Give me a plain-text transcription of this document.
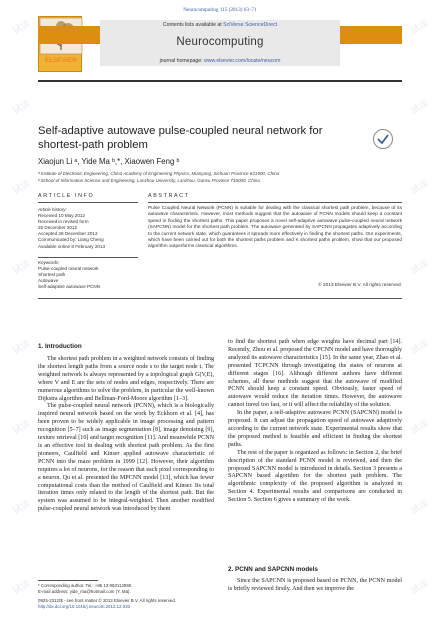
Neurocomputing 115 (2013) 63–71
ELSEVIER
Contents lists available at SciVerse ScienceDirect
Neurocomputing
journal homepage: www.elsevier.com/locate/neucom
Self-adaptive autowave pulse-coupled neural network for
shortest-path problem
Xiaojun Li ᵃ, Yide Ma ᵇ,*, Xiaowen Feng ᵇ
ᵃ Institute of Electronic Engineering, China Academy of Engineering Physics, Mianyang, Sichuan Province 621900, China
ᵇ School of Information Science and Engineering, Lanzhou University, Lanzhou, Gansu Province 730000, China
ARTICLE INFO
Article history:
Received 10 May 2012
Received in revised form
26 December 2012
Accepted 28 December 2012
Communicated by: Liang Cheng
Available online 8 February 2013
Keywords:
Pulse-coupled neural network
Shortest path
Autowave
Self-adaptive autowave PCNN
ABSTRACT
Pulse Coupled Neural Network (PCNN) is suitable for dealing with the classical shortest path problem, because of its autowave characteristic. However, most methods suggest that the autowave of PCNN models should keep a constant speed in finding the shortest paths. This paper proposes a novel self-adaptive autowave pulse-coupled neural network (SAPCNN) model for the shortest path problem. The autowave generated by SAPCNN propagates adaptively according to the current network state, which guarantees it spreads more effectively in finding the shortest paths. Our experiments, which have been carried out for both the shortest paths problem and K shortest paths problem, show that our proposed algorithm outperforms classical algorithms.
© 2013 Elsevier B.V. All rights reserved.
1. Introduction

The shortest path problem in a weighted network consists of finding the shortest length paths from a source node s to the target node t. The weighted network is always represented by a topological graph G(V,E), where V and E are the sets of nodes and edges, respectively. There are numerous algorithms to solve the problem, in particular the well-known Dijkstra algorithm and Bellman-Ford-Moore algorithm [1–3].

The pulse-coupled neural network (PCNN), which is a biologically inspired neural network based on the work by Eckhorn et al. [4], has been proven to be widely applicable in image processing and pattern recognition [5–7] such as image segmentation [8], image denoising [9], texture retrieval [10] and target recognition [11]. And meanwhile PCNN is an effective tool in dealing with shortest path problem. As the first pioneers, Caulfield and Kinser applied autowave characteristic of PCNN into the maze problem in 1999 [12]. However, their algorithm requires a lot of neurons, for the reason that each pixel corresponding to a neuron. Qu et al. presented the MPCNN model [13], which has fewer computational costs than the method of Caulfield and Kinser. Its total iteration times only related to the length of the shortest path. But the system was assumed to be integral-weighted. Then another modified pulse-coupled neural network was introduced by them

* Corresponding author. Tel.: +86 13 993112990.
E-mail address: yide_ma@hotmail.com (Y. Ma).
0925-2312/$ - see front matter © 2013 Elsevier B.V. All rights reserved.
http://dx.doi.org/10.1016/j.neucom.2012.12.030

to find the shortest path when edge weights have decimal part [14]. Recently, Zhou et al. proposed the CPCNN model and have thoroughly analyzed its autowave characteristics [15]. In the same year, Zhao et al. presented TCPCNN through investigating the states of neurons at different stages [16]. Although different authors have different schemes, all these methods suggest that the autowave of modified PCNN should keep a constant speed. Obviously, faster speed of autowave would reduce the iteration times. However, the autowave cannot travel too fast, or it will affect the reliability of the solution.

In the paper, a self-adaptive autowave PCNN (SAPCNN) model is proposed. It can adjust the propagation speed of autowave adaptively according to the current network state. Experimental results show that the proposed method is feasible and efficient in finding the shortest paths.

The rest of the paper is organized as follows: in Section 2, the brief description of the standard PCNN model is reviewed, and then the proposed SAPCNN model is introduced in details. Section 3 presents a SAPCNN based algorithm for the shortest path problem. The algorithmic complexity of the proposed algorithm is analyzed in Section 4. Experimental results and comparisons are conducted in Section 5. Section 6 gives a summary of the work.

2. PCNN and SAPCNN models
Since the SAPCNN is proposed based on PCNN, the PCNN model is briefly reviewed firstly. And then we improve the
试读	试读
试读	试读
试读	试读
试读	试读
试读	试读
试读	试读
试读	试读
试读	试读
